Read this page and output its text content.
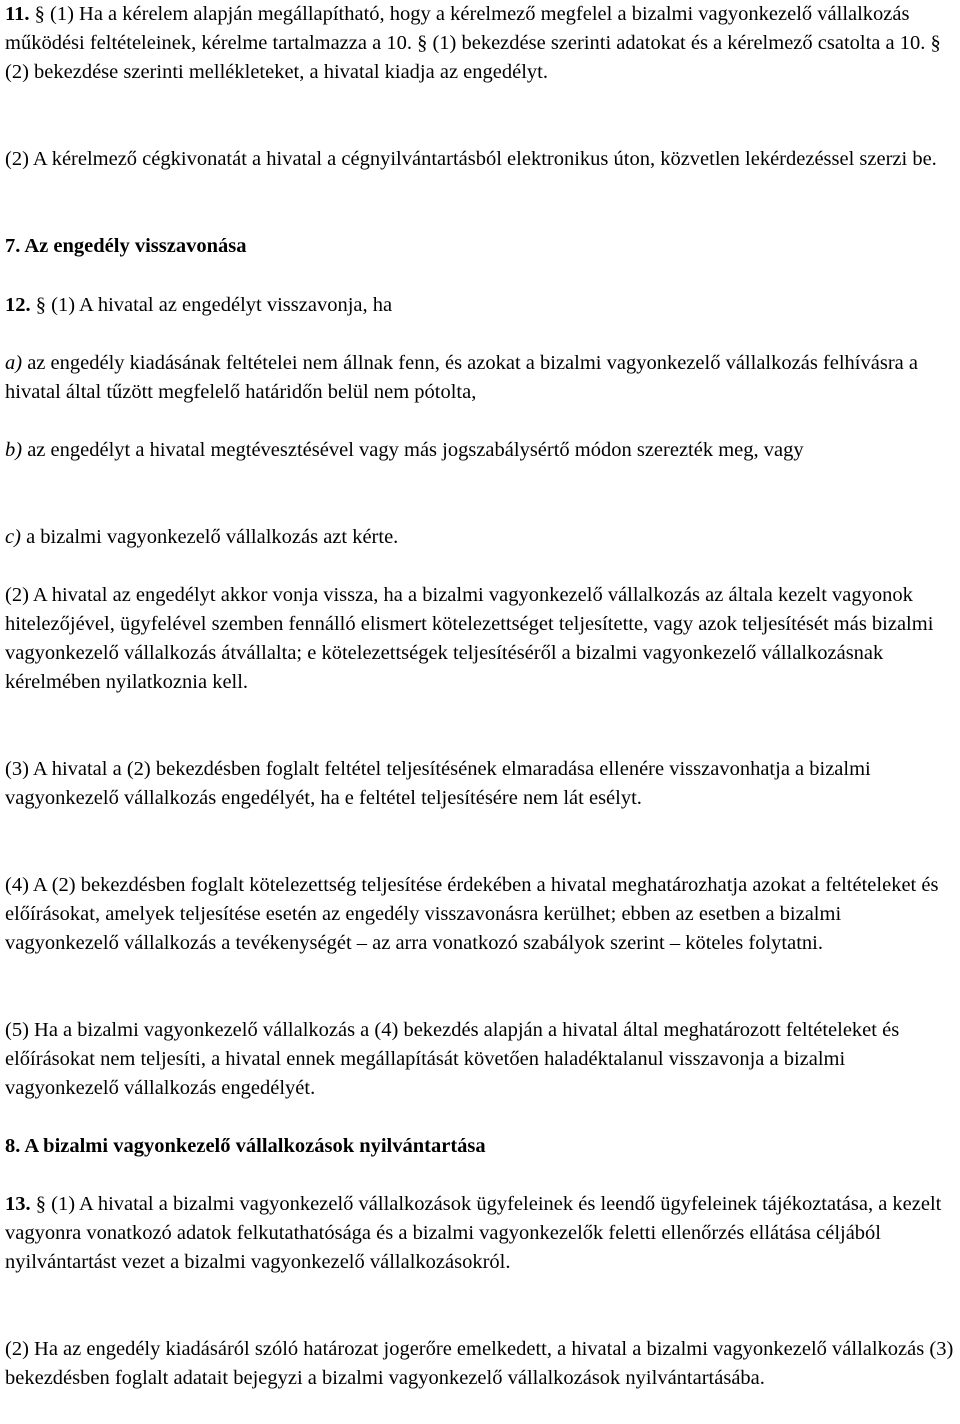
11. § (1) Ha a kérelem alapján megállapítható, hogy a kérelmező megfelel a bizalmi vagyonkezelő vállalkozás működési feltételeinek, kérelme tartalmazza a 10. § (1) bekezdése szerinti adatokat és a kérelmező csatolta a 10. § (2) bekezdése szerinti mellékleteket, a hivatal kiadja az engedélyt.

(2) A kérelmező cégkivonatát a hivatal a cégnyilvántartásból elektronikus úton, közvetlen lekérdezéssel szerzi be.

7. Az engedély visszavonása

12. § (1) A hivatal az engedélyt visszavonja, ha

a) az engedély kiadásának feltételei nem állnak fenn, és azokat a bizalmi vagyonkezelő vállalkozás felhívásra a hivatal által tűzött megfelelő határidőn belül nem pótolta,

b) az engedélyt a hivatal megtévesztésével vagy más jogszabálysértő módon szerezték meg, vagy

c) a bizalmi vagyonkezelő vállalkozás azt kérte.

(2) A hivatal az engedélyt akkor vonja vissza, ha a bizalmi vagyonkezelő vállalkozás az általa kezelt vagyonok hitelezőjével, ügyfelével szemben fennálló elismert kötelezettséget teljesítette, vagy azok teljesítését más bizalmi vagyonkezelő vállalkozás átvállalta; e kötelezettségek teljesítéséről a bizalmi vagyonkezelő vállalkozásnak kérelmében nyilatkoznia kell.

(3) A hivatal a (2) bekezdésben foglalt feltétel teljesítésének elmaradása ellenére visszavonhatja a bizalmi vagyonkezelő vállalkozás engedélyét, ha e feltétel teljesítésére nem lát esélyt.

(4) A (2) bekezdésben foglalt kötelezettség teljesítése érdekében a hivatal meghatározhatja azokat a feltételeket és előírásokat, amelyek teljesítése esetén az engedély visszavonásra kerülhet; ebben az esetben a bizalmi vagyonkezelő vállalkozás a tevékenységét – az arra vonatkozó szabályok szerint – köteles folytatni.

(5) Ha a bizalmi vagyonkezelő vállalkozás a (4) bekezdés alapján a hivatal által meghatározott feltételeket és előírásokat nem teljesíti, a hivatal ennek megállapítását követően haladéktalanul visszavonja a bizalmi vagyonkezelő vállalkozás engedélyét.

8. A bizalmi vagyonkezelő vállalkozások nyilvántartása

13. § (1) A hivatal a bizalmi vagyonkezelő vállalkozások ügyfeleinek és leendő ügyfeleinek tájékoztatása, a kezelt vagyonra vonatkozó adatok felkutathatósága és a bizalmi vagyonkezelők feletti ellenőrzés ellátása céljából nyilvántartást vezet a bizalmi vagyonkezelő vállalkozásokról.

(2) Ha az engedély kiadásáról szóló határozat jogerőre emelkedett, a hivatal a bizalmi vagyonkezelő vállalkozás (3) bekezdésben foglalt adatait bejegyzi a bizalmi vagyonkezelő vállalkozások nyilvántartásába.
